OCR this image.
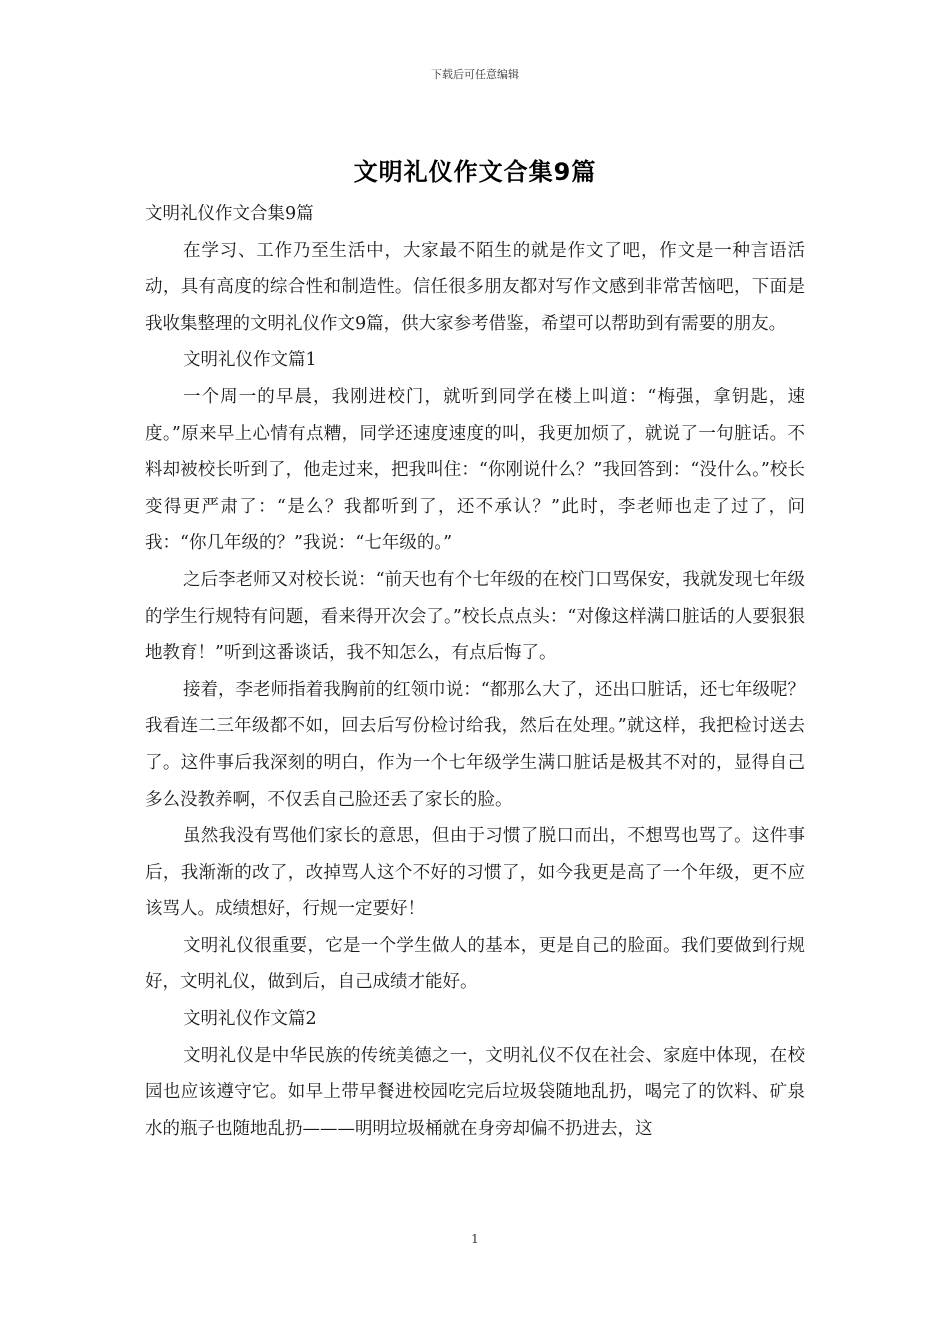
下载后可任意编辑
文明礼仪作文合集9篇

文明礼仪作文合集9篇

在学习、工作乃至生活中，大家最不陌生的就是作文了吧，作文是一种言语活动，具有高度的综合性和制造性。信任很多朋友都对写作文感到非常苦恼吧，下面是我收集整理的文明礼仪作文9篇，供大家参考借鉴，希望可以帮助到有需要的朋友。

文明礼仪作文篇1

一个周一的早晨，我刚进校门，就听到同学在楼上叫道：“梅强，拿钥匙，速度。”原来早上心情有点糟，同学还速度速度的叫，我更加烦了，就说了一句脏话。不料却被校长听到了，他走过来，把我叫住：“你刚说什么？”我回答到：“没什么。”校长变得更严肃了：“是么？我都听到了，还不承认？”此时，李老师也走了过了，问我：“你几年级的？”我说：“七年级的。”

之后李老师又对校长说：“前天也有个七年级的在校门口骂保安，我就发现七年级的学生行规特有问题，看来得开次会了。”校长点点头：“对像这样满口脏话的人要狠狠地教育！”听到这番谈话，我不知怎么，有点后悔了。

接着，李老师指着我胸前的红领巾说：“都那么大了，还出口脏话，还七年级呢？我看连二三年级都不如，回去后写份检讨给我，然后在处理。”就这样，我把检讨送去了。这件事后我深刻的明白，作为一个七年级学生满口脏话是极其不对的，显得自己多么没教养啊，不仅丢自己脸还丢了家长的脸。

虽然我没有骂他们家长的意思，但由于习惯了脱口而出，不想骂也骂了。这件事后，我渐渐的改了，改掉骂人这个不好的习惯了，如今我更是高了一个年级，更不应该骂人。成绩想好，行规一定要好！

文明礼仪很重要，它是一个学生做人的基本，更是自己的脸面。我们要做到行规好，文明礼仪，做到后，自己成绩才能好。

文明礼仪作文篇2

文明礼仪是中华民族的传统美德之一，文明礼仪不仅在社会、家庭中体现，在校园也应该遵守它。如早上带早餐进校园吃完后垃圾袋随地乱扔，喝完了的饮料、矿泉水的瓶子也随地乱扔———明明垃圾桶就在身旁却偏不扔进去，这

1
